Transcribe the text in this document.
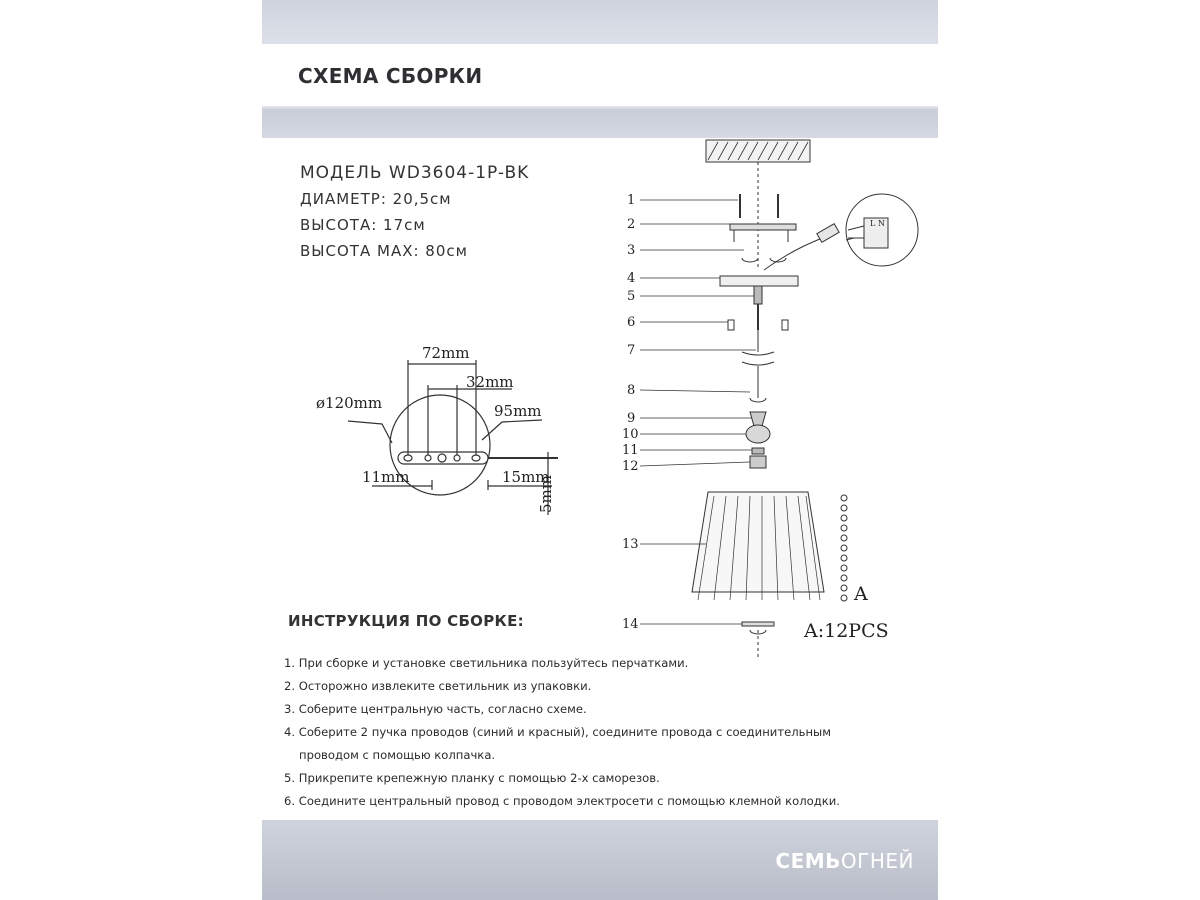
СХЕМА СБОРКИ
МОДЕЛЬ WD3604-1P-BK
ДИАМЕТР: 20,5см
ВЫСОТА: 17см
ВЫСОТА MAX: 80см
72mm
32mm
ø120mm	95mm
11mm	15mm
5mm
1
2
3
4
5
6
7
8
9
10
11
12
13
14
A
A:12PCS
L N
ИНСТРУКЦИЯ ПО СБОРКЕ:
1. При сборке и установке светильника пользуйтесь перчатками.
2. Осторожно извлеките светильник из упаковки.
3. Соберите центральную часть, согласно схеме.
4. Соберите 2 пучка проводов (синий и красный), соедините провода с соединительным
проводом с помощью колпачка.
5. Прикрепите крепежную планку с помощью 2-х саморезов.
6. Соедините центральный провод с проводом электросети с помощью клемной колодки.
СЕМЬОГНЕЙ
